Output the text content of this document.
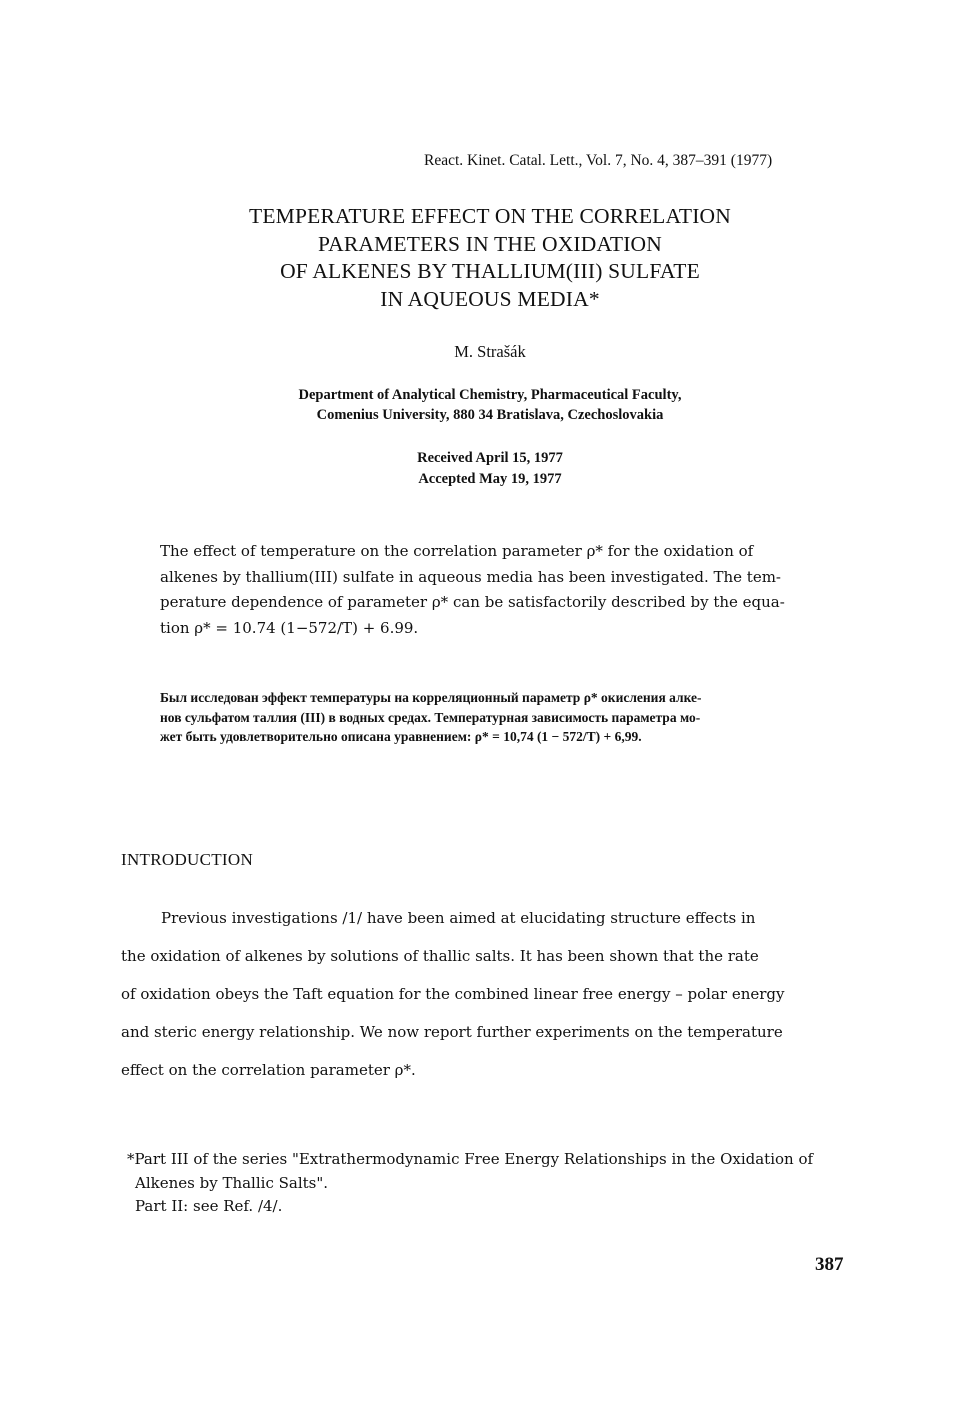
React. Kinet. Catal. Lett., Vol. 7, No. 4, 387–391 (1977)
TEMPERATURE EFFECT ON THE CORRELATION
PARAMETERS IN THE OXIDATION
OF ALKENES BY THALLIUM(III) SULFATE
IN AQUEOUS MEDIA*
M. Strašák
Department of Analytical Chemistry, Pharmaceutical Faculty,
Comenius University, 880 34 Bratislava, Czechoslovakia
Received April 15, 1977
Accepted May 19, 1977
The effect of temperature on the correlation parameter ρ* for the oxidation of
alkenes by thallium(III) sulfate in aqueous media has been investigated. The tem-
perature dependence of parameter ρ* can be satisfactorily described by the equa-
tion ρ* = 10.74 (1−572/T) + 6.99.
Был исследован эффект температуры на корреляционный параметр ρ* окисления алке-
нов сульфатом таллия (III) в водных средах. Температурная зависимость параметра мо-
жет быть удовлетворительно описана уравнением: ρ* = 10,74 (1 − 572/T) + 6,99.
INTRODUCTION
Previous investigations /1/ have been aimed at elucidating structure effects in
the oxidation of alkenes by solutions of thallic salts. It has been shown that the rate
of oxidation obeys the Taft equation for the combined linear free energy – polar energy
and steric energy relationship. We now report further experiments on the temperature
effect on the correlation parameter ρ*.
*Part III of the series "Extrathermodynamic Free Energy Relationships in the Oxidation of
Alkenes by Thallic Salts".
Part II: see Ref. /4/.
387
